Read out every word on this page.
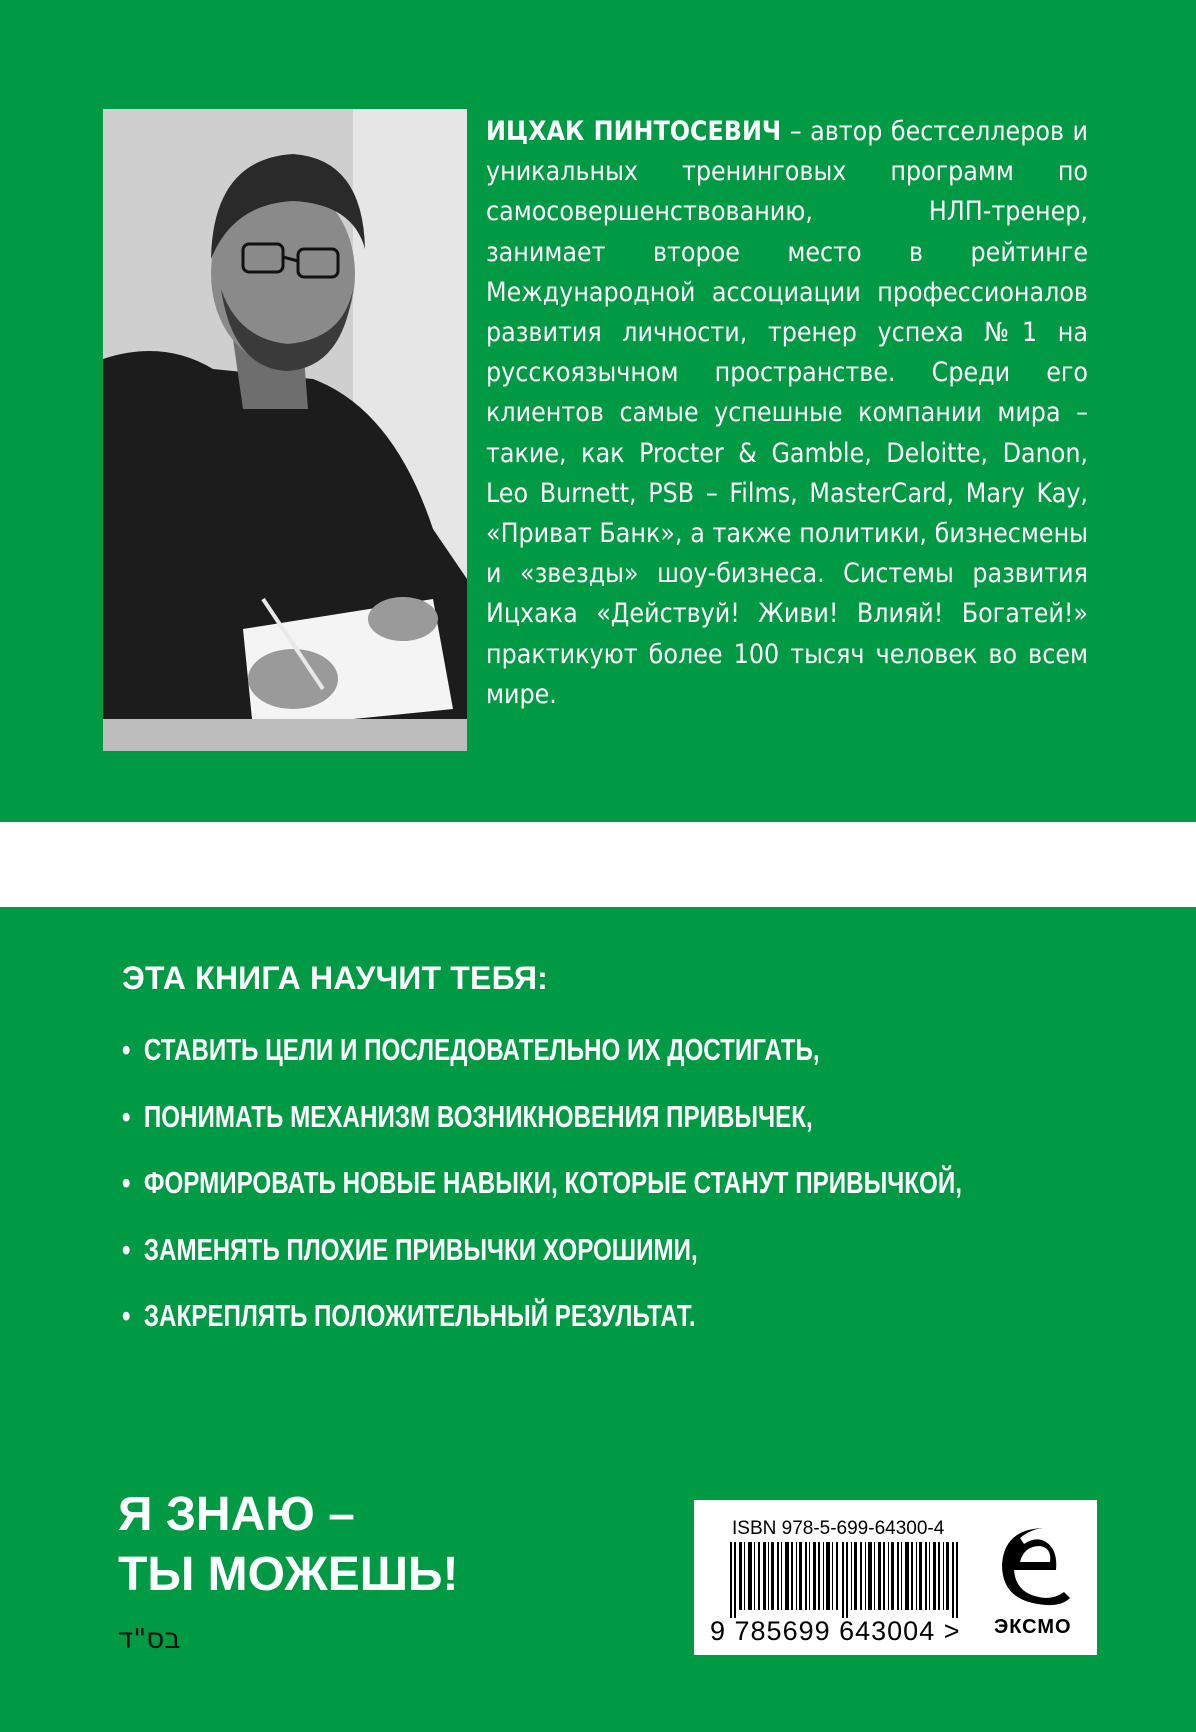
ИЦХАК ПИНТОСЕВИЧ – автор бестселлеров и уникальных тренинговых программ по самосовершенствованию, НЛП-тренер, занимает второе место в рейтинге Международной ассоциации профессионалов развития личности, тренер успеха №1 на русскоязычном пространстве. Среди его клиентов самые успешные компании мира – такие, как Procter & Gamble, Deloitte, Danon, Leo Burnett, PSB – Films, MasterCard, Mary Kay, «Приват Банк», а также политики, бизнесмены и «звезды» шоу-бизнеса. Системы развития Ицхака «Действуй! Живи! Влияй! Богатей!» практикуют более 100 тысяч человек во всем мире.
ЭТА КНИГА НАУЧИТ ТЕБЯ:
• СТАВИТЬ ЦЕЛИ И ПОСЛЕДОВАТЕЛЬНО ИХ ДОСТИГАТЬ,
• ПОНИМАТЬ МЕХАНИЗМ ВОЗНИКНОВЕНИЯ ПРИВЫЧЕК,
• ФОРМИРОВАТЬ НОВЫЕ НАВЫКИ, КОТОРЫЕ СТАНУТ ПРИВЫЧКОЙ,
• ЗАМЕНЯТЬ ПЛОХИЕ ПРИВЫЧКИ ХОРОШИМИ,
• ЗАКРЕПЛЯТЬ ПОЛОЖИТЕЛЬНЫЙ РЕЗУЛЬТАТ.
Я ЗНАЮ –
ТЫ МОЖЕШЬ!
בס"ד
ISBN 978-5-699-64300-4
9 785699 643004 > ЭКСМО
